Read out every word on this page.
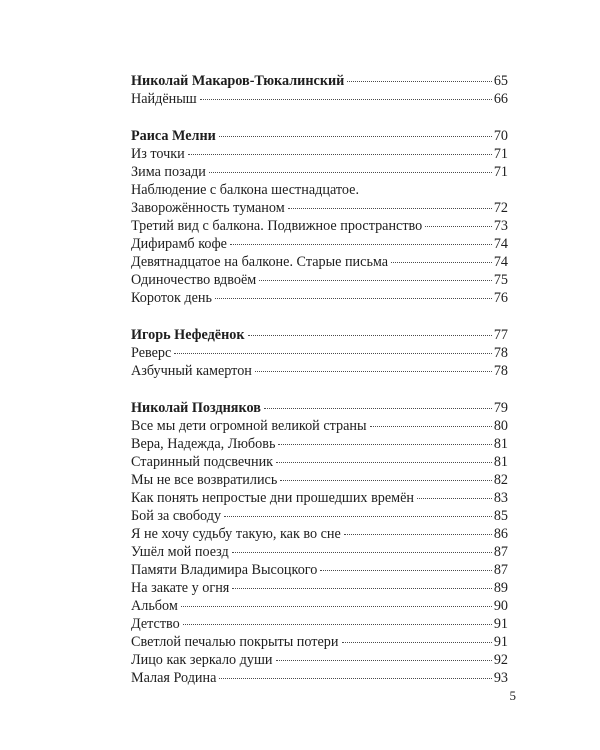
Николай Макаров-Тюкалинский	65
Найдёныш	66
Раиса Мелни	70
Из точки	71
Зима позади	71
Наблюдение с балкона шестнадцатое.
Заворожённость туманом	72
Третий вид с балкона. Подвижное пространство	73
Дифирамб кофе	74
Девятнадцатое на балконе. Старые письма	74
Одиночество вдвоём	75
Короток день	76
Игорь Нефедёнок	77
Реверс	78
Азбучный камертон	78
Николай Поздняков	79
Все мы дети огромной великой страны	80
Вера, Надежда, Любовь	81
Старинный подсвечник	81
Мы не все возвратились	82
Как понять непростые дни прошедших времён	83
Бой за свободу	85
Я не хочу судьбу такую, как во сне	86
Ушёл мой поезд	87
Памяти Владимира Высоцкого	87
На закате у огня	89
Альбом	90
Детство	91
Светлой печалью покрыты потери	91
Лицо как зеркало души	92
Малая Родина	93
5
